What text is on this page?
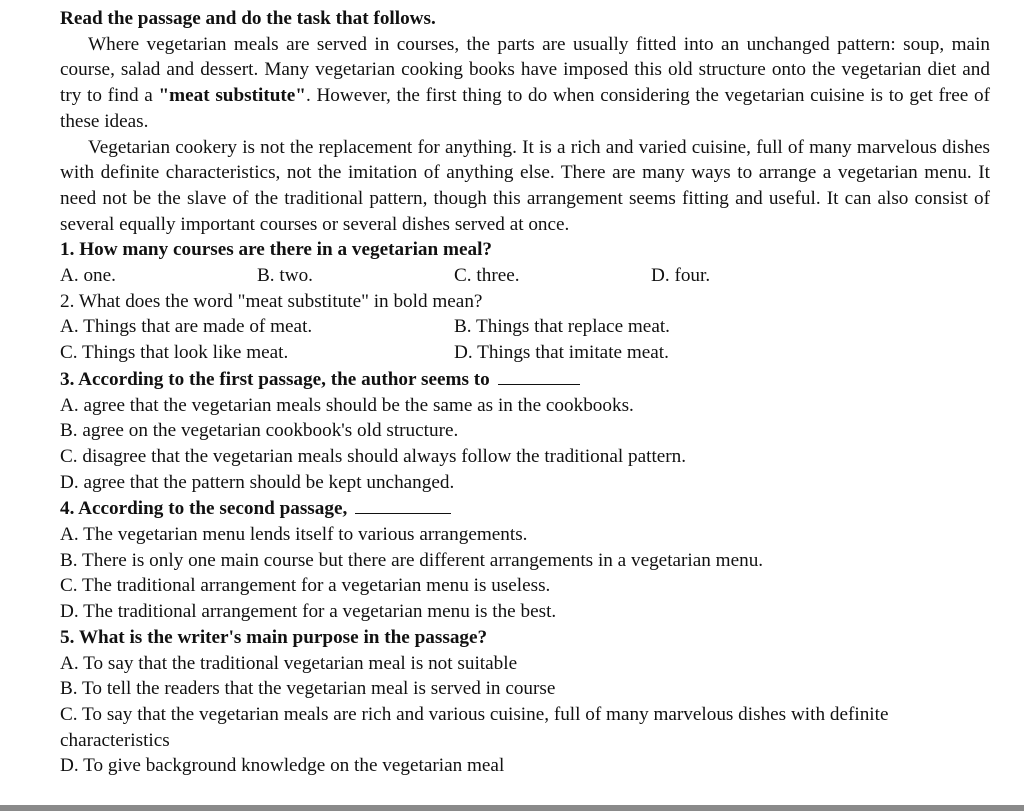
Read the passage and do the task that follows.

Where vegetarian meals are served in courses, the parts are usually fitted into an unchanged pattern: soup, main course, salad and dessert. Many vegetarian cooking books have imposed this old structure onto the vegetarian diet and try to find a "meat substitute". However, the first thing to do when considering the vegetarian cuisine is to get free of these ideas.

Vegetarian cookery is not the replacement for anything. It is a rich and varied cuisine, full of many marvelous dishes with definite characteristics, not the imitation of anything else. There are many ways to arrange a vegetarian menu. It need not be the slave of the traditional pattern, though this arrangement seems fitting and useful. It can also consist of several equally important courses or several dishes served at once.

1. How many courses are there in a vegetarian meal?

A. one.	B. two.	C. three.	D. four.

2. What does the word "meat substitute" in bold mean?

A. Things that are made of meat.	B. Things that replace meat.
C. Things that look like meat.	D. Things that imitate meat.

3. According to the first passage, the author seems to

A. agree that the vegetarian meals should be the same as in the cookbooks.

B. agree on the vegetarian cookbook's old structure.

C. disagree that the vegetarian meals should always follow the traditional pattern.

D. agree that the pattern should be kept unchanged.

4. According to the second passage,

A. The vegetarian menu lends itself to various arrangements.

B. There is only one main course but there are different arrangements in a vegetarian menu.

C. The traditional arrangement for a vegetarian menu is useless.

D. The traditional arrangement for a vegetarian menu is the best.

5. What is the writer's main purpose in the passage?

A. To say that the traditional vegetarian meal is not suitable

B. To tell the readers that the vegetarian meal is served in course

C. To say that the vegetarian meals are rich and various cuisine, full of many marvelous dishes with definite characteristics

D. To give background knowledge on the vegetarian meal
